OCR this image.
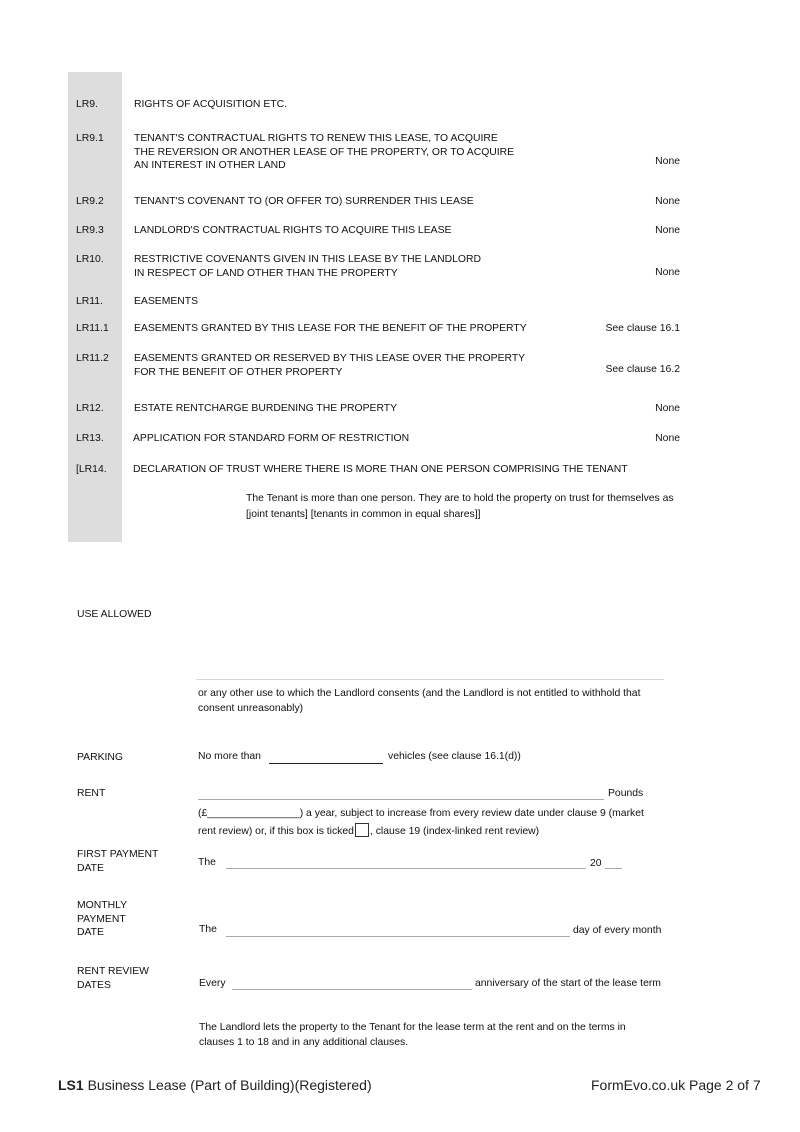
LR9.	RIGHTS OF ACQUISITION ETC.
LR9.1	TENANT'S CONTRACTUAL RIGHTS TO RENEW THIS LEASE, TO ACQUIRE
THE REVERSION OR ANOTHER LEASE OF THE PROPERTY, OR TO ACQUIRE
AN INTEREST IN OTHER LAND	None
LR9.2	TENANT'S COVENANT TO (OR OFFER TO) SURRENDER THIS LEASE	None
LR9.3	LANDLORD'S CONTRACTUAL RIGHTS TO ACQUIRE THIS LEASE	None
LR10.	RESTRICTIVE COVENANTS GIVEN IN THIS LEASE BY THE LANDLORD
IN RESPECT OF LAND OTHER THAN THE PROPERTY	None
LR11.	EASEMENTS
LR11.1 EASEMENTS GRANTED BY THIS LEASE FOR THE BENEFIT OF THE PROPERTY	See clause 16.1
LR11.2 EASEMENTS GRANTED OR RESERVED BY THIS LEASE OVER THE PROPERTY
FOR THE BENEFIT OF OTHER PROPERTY	See clause 16.2
LR12.	ESTATE RENTCHARGE BURDENING THE PROPERTY	None
LR13.	APPLICATION FOR STANDARD FORM OF RESTRICTION	None
[LR14.	DECLARATION OF TRUST WHERE THERE IS MORE THAN ONE PERSON COMPRISING THE TENANT
The Tenant is more than one person. They are to hold the property on trust for themselves as
[joint tenants] [tenants in common in equal shares]]
USE ALLOWED
or any other use to which the Landlord consents (and the Landlord is not entitled to withhold that
consent unreasonably)
PARKING	No more than	vehicles (see clause 16.1(d))
RENT	Pounds
(£________________) a year, subject to increase from every review date under clause 9 (market
rent review) or, if this box is ticked , clause 19 (index-linked rent review)
FIRST PAYMENT
DATE	The	20
MONTHLY
PAYMENT
DATE	The	day of every month
RENT REVIEW
DATES	Every	anniversary of the start of the lease term
The Landlord lets the property to the Tenant for the lease term at the rent and on the terms in
clauses 1 to 18 and in any additional clauses.
LS1 Business Lease (Part of Building)(Registered)	FormEvo.co.uk Page 2 of 7
